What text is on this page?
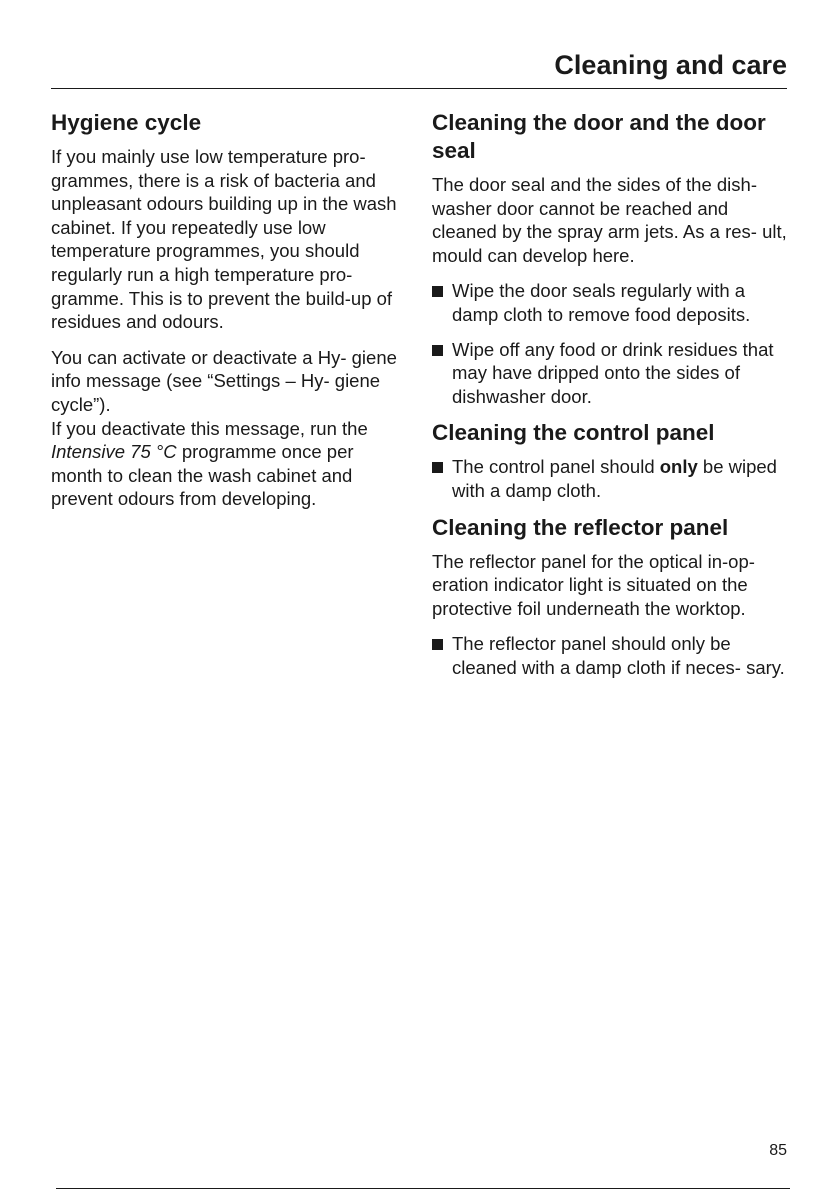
Cleaning and care
Hygiene cycle

If you mainly use low temperature pro- grammes, there is a risk of bacteria and unpleasant odours building up in the wash cabinet. If you repeatedly use low temperature programmes, you should regularly run a high temperature pro- gramme. This is to prevent the build-up of residues and odours.

You can activate or deactivate a Hy- giene info message (see “Settings – Hy- giene cycle”).
If you deactivate this message, run the Intensive 75 °C programme once per month to clean the wash cabinet and prevent odours from developing.

Cleaning the door and the door seal

The door seal and the sides of the dish- washer door cannot be reached and cleaned by the spray arm jets. As a res- ult, mould can develop here.

Wipe the door seals regularly with a damp cloth to remove food deposits.
Wipe off any food or drink residues that may have dripped onto the sides of dishwasher door.
Cleaning the control panel
The control panel should only be wiped with a damp cloth.
Cleaning the reflector panel

The reflector panel for the optical in-op- eration indicator light is situated on the protective foil underneath the worktop.

The reflector panel should only be cleaned with a damp cloth if neces- sary.

85
